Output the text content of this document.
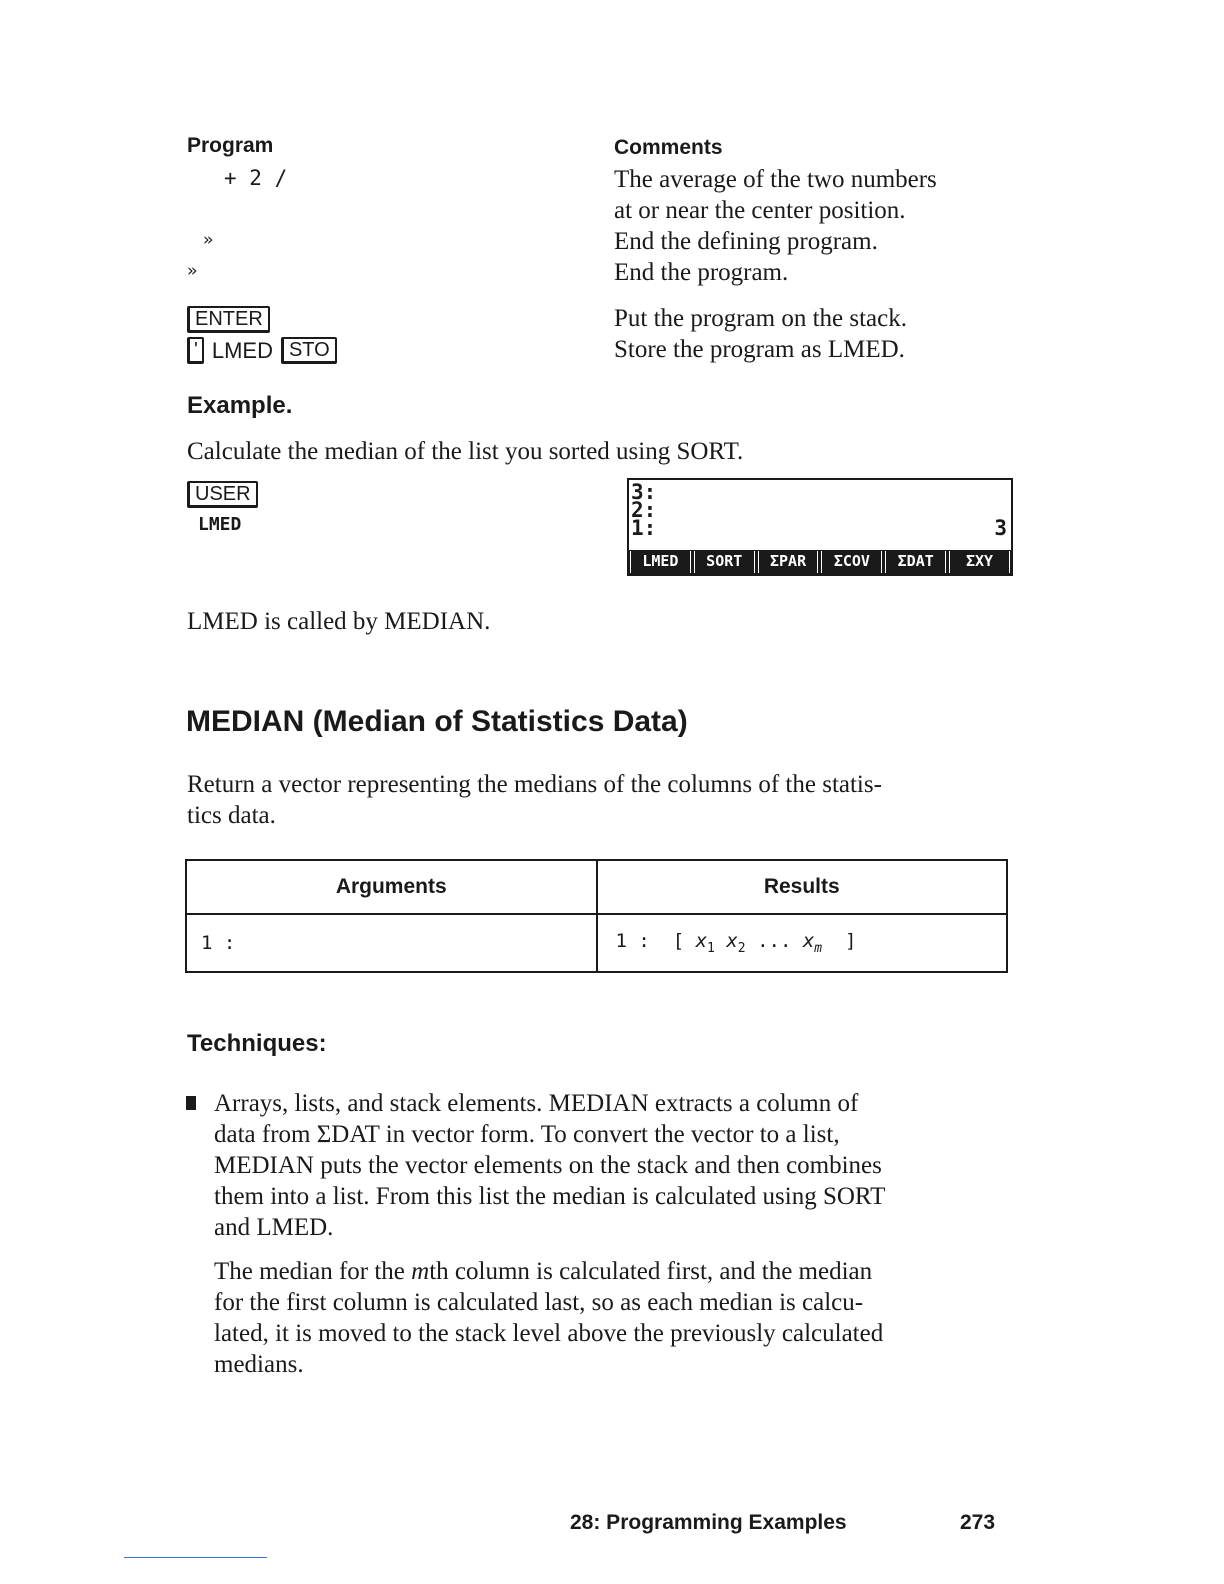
Program	Comments
+ 2 /	The average of the two numbers
at or near the center position.
»	End the defining program.
»	End the program.
ENTER	Put the program on the stack.
' LMED STO	Store the program as LMED.
Example.
Calculate the median of the list you sorted using SORT.
USER
LMED
3:
2:
1:	3
LMED	SORT	ΣPAR	ΣCOV	ΣDAT	ΣXY
LMED is called by MEDIAN.
MEDIAN (Median of Statistics Data)
Return a vector representing the medians of the columns of the statis-
tics data.
Arguments	Results
1 :	1 :  [ $x_1$ $x_2$ ... $x_m$ ]
Techniques:
Arrays, lists, and stack elements. MEDIAN extracts a column of
data from ΣDAT in vector form. To convert the vector to a list,
MEDIAN puts the vector elements on the stack and then combines
them into a list. From this list the median is calculated using SORT
and LMED.
The median for the mth column is calculated first, and the median
for the first column is calculated last, so as each median is calcu-
lated, it is moved to the stack level above the previously calculated
medians.
28: Programming Examples	273
